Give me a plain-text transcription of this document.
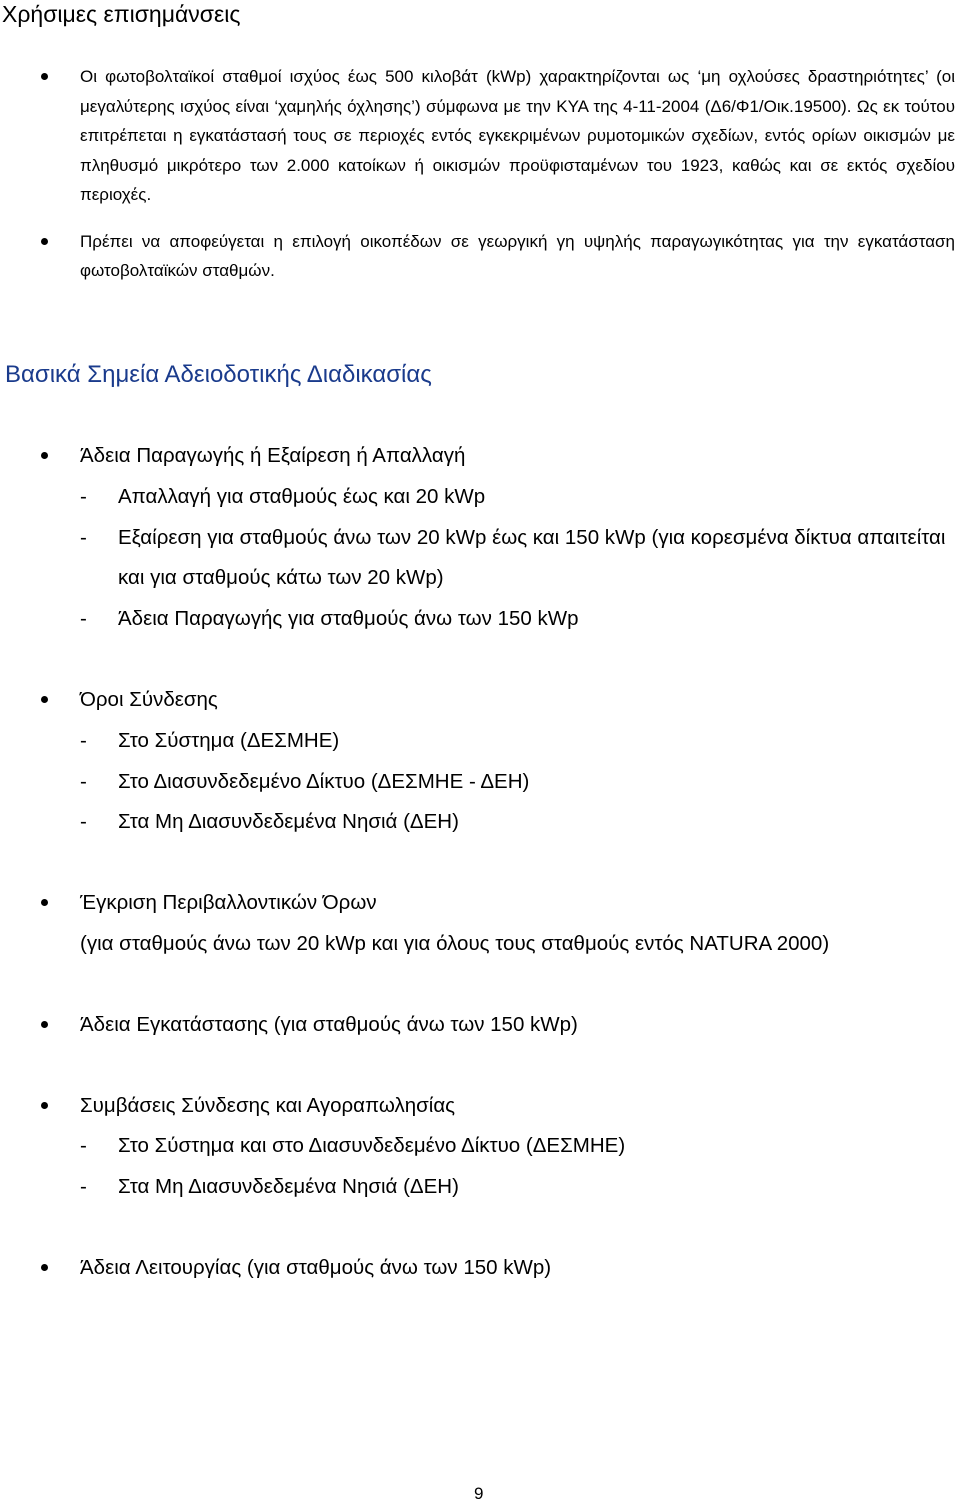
Χρήσιμες επισημάνσεις
Οι φωτοβολταϊκοί σταθμοί ισχύος έως 500 κιλοβάτ (kWp) χαρακτηρίζονται ως ‘μη οχλούσες δραστηριότητες’ (οι μεγαλύτερης ισχύος είναι ‘χαμηλής όχλησης’) σύμφωνα με την ΚΥΑ της 4-11-2004 (Δ6/Φ1/Οικ.19500). Ως εκ τούτου επιτρέπεται η εγκατάστασή τους σε περιοχές εντός εγκεκριμένων ρυμοτομικών σχεδίων, εντός ορίων οικισμών με πληθυσμό μικρότερο των 2.000 κατοίκων ή οικισμών προϋφισταμένων του 1923, καθώς και σε εκτός σχεδίου περιοχές.
Πρέπει να αποφεύγεται η επιλογή οικοπέδων σε γεωργική γη υψηλής παραγωγικότητας για την εγκατάσταση φωτοβολταϊκών σταθμών.
Βασικά Σημεία Αδειοδοτικής Διαδικασίας
Άδεια Παραγωγής ή Εξαίρεση ή Απαλλαγή
- Απαλλαγή για σταθμούς έως και 20 kWp
- Εξαίρεση για σταθμούς άνω των 20 kWp έως και 150 kWp (για κορεσμένα δίκτυα απαιτείται και για σταθμούς κάτω των 20 kWp)
- Άδεια Παραγωγής για σταθμούς άνω των 150 kWp
Όροι Σύνδεσης
- Στο Σύστημα (ΔΕΣΜΗΕ)
- Στο Διασυνδεδεμένο Δίκτυο (ΔΕΣΜΗΕ - ΔΕΗ)
- Στα Μη Διασυνδεδεμένα Νησιά (ΔΕΗ)
Έγκριση Περιβαλλοντικών Όρων
(για σταθμούς άνω των 20 kWp και για όλους τους σταθμούς εντός NATURA 2000)
Άδεια Εγκατάστασης (για σταθμούς άνω των 150 kWp)
Συμβάσεις Σύνδεσης και Αγοραπωλησίας
- Στο Σύστημα και στο Διασυνδεδεμένο Δίκτυο (ΔΕΣΜΗΕ)
- Στα Μη Διασυνδεδεμένα Νησιά (ΔΕΗ)
Άδεια Λειτουργίας (για σταθμούς άνω των 150 kWp)
9
